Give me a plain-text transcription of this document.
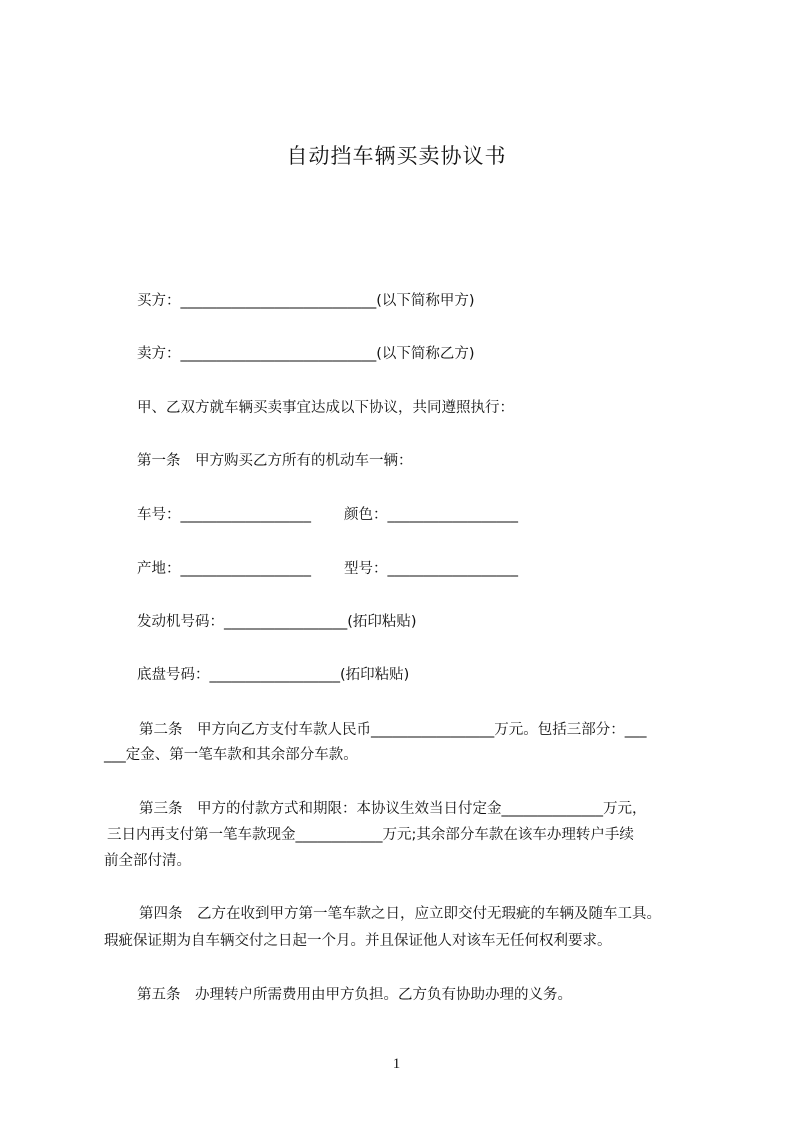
自动挡车辆买卖协议书
买方：___________________________(以下简称甲方)
卖方：___________________________(以下简称乙方)
甲、乙双方就车辆买卖事宜达成以下协议，共同遵照执行：
第一条　甲方购买乙方所有的机动车一辆：
车号：__________________ 颜色：__________________
产地：__________________ 型号：__________________
发动机号码：_________________(拓印粘贴)
底盘号码：__________________(拓印粘贴)
第二条　甲方向乙方支付车款人民币_________________万元。包括三部分：___
___定金、第一笔车款和其余部分车款。
第三条　甲方的付款方式和期限：本协议生效当日付定金______________万元，
三日内再支付第一笔车款现金____________万元;其余部分车款在该车办理转户手续
前全部付清。
第四条　乙方在收到甲方第一笔车款之日，应立即交付无瑕疵的车辆及随车工具。
瑕疵保证期为自车辆交付之日起一个月。并且保证他人对该车无任何权利要求。
第五条　办理转户所需费用由甲方负担。乙方负有协助办理的义务。
1
